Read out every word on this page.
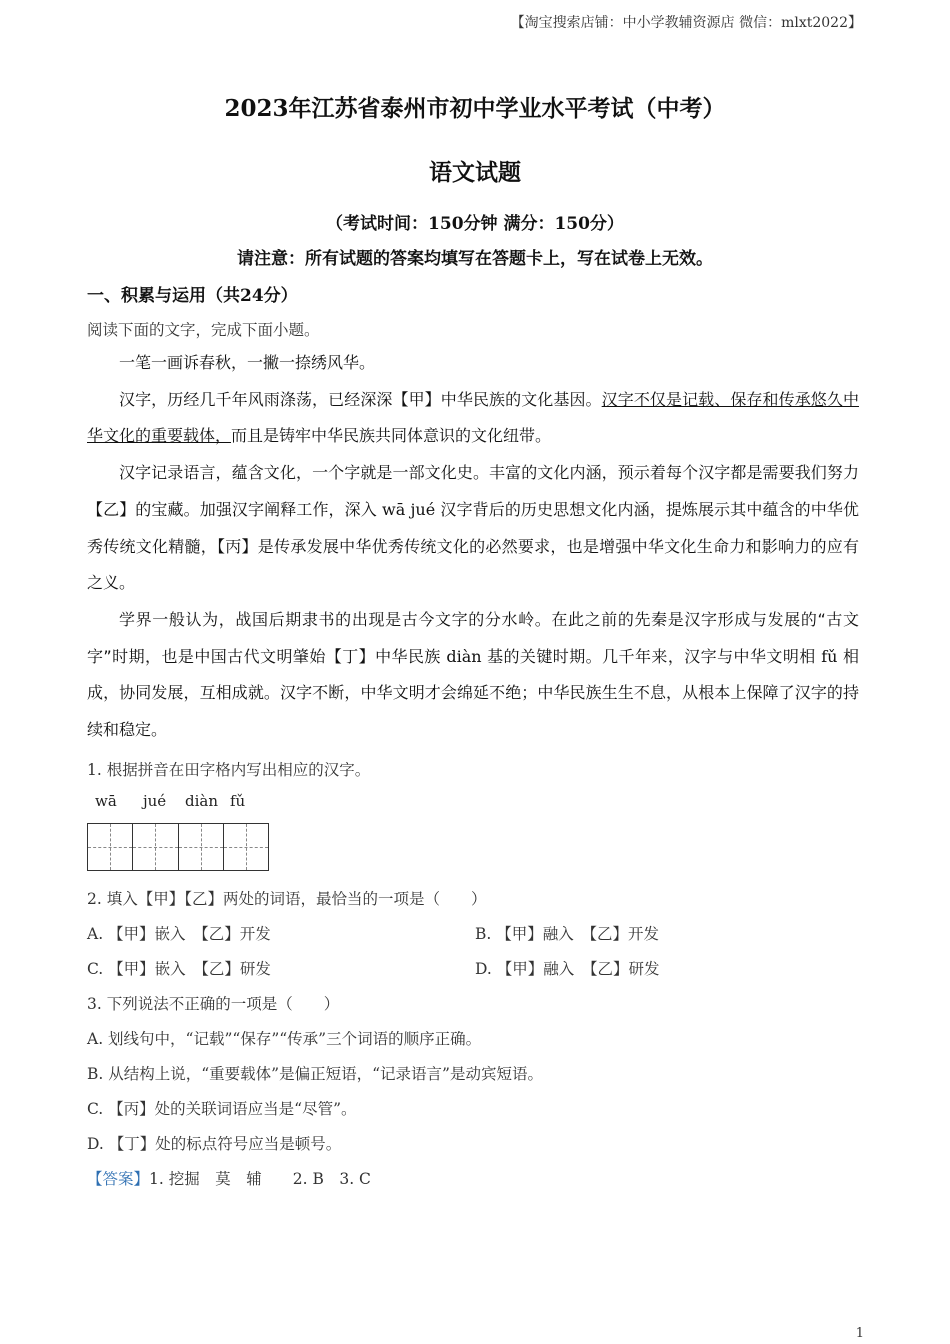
【淘宝搜索店铺：中小学教辅资源店 微信：mlxt2022】
2023年江苏省泰州市初中学业水平考试（中考）
语文试题
（考试时间：150分钟 满分：150分）
请注意：所有试题的答案均填写在答题卡上，写在试卷上无效。
一、积累与运用（共24分）
阅读下面的文字，完成下面小题。

一笔一画诉春秋，一撇一捺绣风华。

汉字，历经几千年风雨涤荡，已经深深【甲】中华民族的文化基因。汉字不仅是记载、保存和传承悠久中华文化的重要载体，而且是铸牢中华民族共同体意识的文化纽带。

汉字记录语言，蕴含文化，一个字就是一部文化史。丰富的文化内涵，预示着每个汉字都是需要我们努力【乙】的宝藏。加强汉字阐释工作，深入 wā jué 汉字背后的历史思想文化内涵，提炼展示其中蕴含的中华优秀传统文化精髓，【丙】是传承发展中华优秀传统文化的必然要求，也是增强中华文化生命力和影响力的应有之义。

学界一般认为，战国后期隶书的出现是古今文字的分水岭。在此之前的先秦是汉字形成与发展的“古文字”时期，也是中国古代文明肇始【丁】中华民族 diàn 基的关键时期。几千年来，汉字与中华文明相 fǔ 相成，协同发展，互相成就。汉字不断，中华文明才会绵延不绝；中华民族生生不息，从根本上保障了汉字的持续和稳定。

1. 根据拼音在田字格内写出相应的汉字。
wā jué diàn fǔ
2. 填入【甲】【乙】两处的词语，最恰当的一项是（　　）
A. 【甲】嵌入　【乙】开发	B. 【甲】融入　【乙】开发
C. 【甲】嵌入　【乙】研发	D. 【甲】融入　【乙】研发
3. 下列说法不正确的一项是（　　）
A. 划线句中，“记载”“保存”“传承”三个词语的顺序正确。
B. 从结构上说，“重要载体”是偏正短语，“记录语言”是动宾短语。
C. 【丙】处的关联词语应当是“尽管”。
D. 【丁】处的标点符号应当是顿号。
【答案】1. 挖掘　莫　辅　　2. B　3. C
1
